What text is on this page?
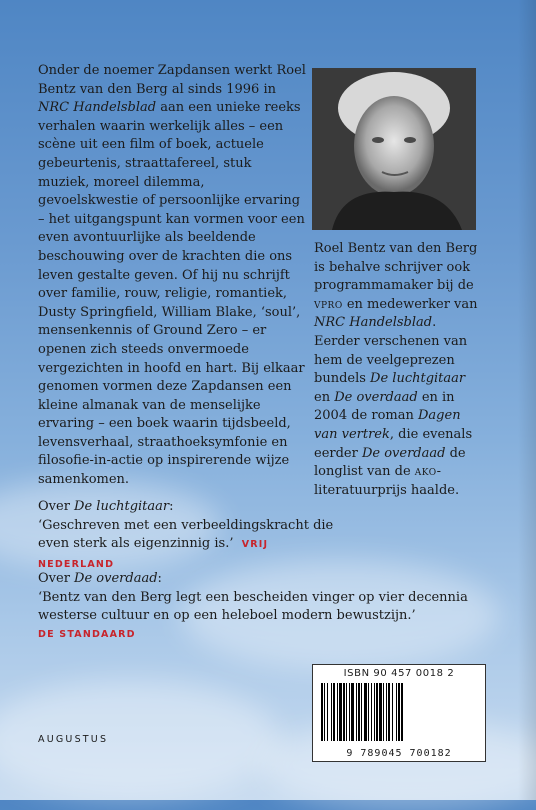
Onder de noemer Zapdansen werkt Roel Bentz van den Berg al sinds 1996 in NRC Handelsblad aan een unieke reeks verhalen waarin werkelijk alles – een scène uit een film of boek, actuele gebeurtenis, straattafereel, stuk muziek, moreel dilemma, gevoelskwestie of persoonlijke ervaring – het uitgangspunt kan vormen voor een even avontuurlijke als beeldende beschouwing over de krachten die ons leven gestalte geven. Of hij nu schrijft over familie, rouw, religie, romantiek, Dusty Springfield, William Blake, ‘soul’, mensenkennis of Ground Zero – er openen zich steeds onvermoede vergezichten in hoofd en hart. Bij elkaar genomen vormen deze Zapdansen een kleine almanak van de menselijke ervaring – een boek waarin tijdsbeeld, levensverhaal, straathoeksymfonie en filosofie-in-actie op inspirerende wijze samenkomen.
Roel Bentz van den Berg is behalve schrijver ook programmamaker bij de vpro en medewerker van NRC Handelsblad. Eerder verschenen van hem de veelgeprezen bundels De luchtgitaar en De overdaad en in 2004 de roman Dagen van vertrek, die evenals eerder De overdaad de longlist van de ako-literatuurprijs haalde.
Over De luchtgitaar:
‘Geschreven met een verbeeldingskracht die even sterk als eigenzinnig is.’ VRIJ NEDERLAND
Over De overdaad:
‘Bentz van den Berg legt een bescheiden vinger op vier decennia westerse cultuur en op een heleboel modern bewustzijn.’
DE STANDAARD
AUGUSTUS
ISBN 90 457 0018 2
9 789045 700182
